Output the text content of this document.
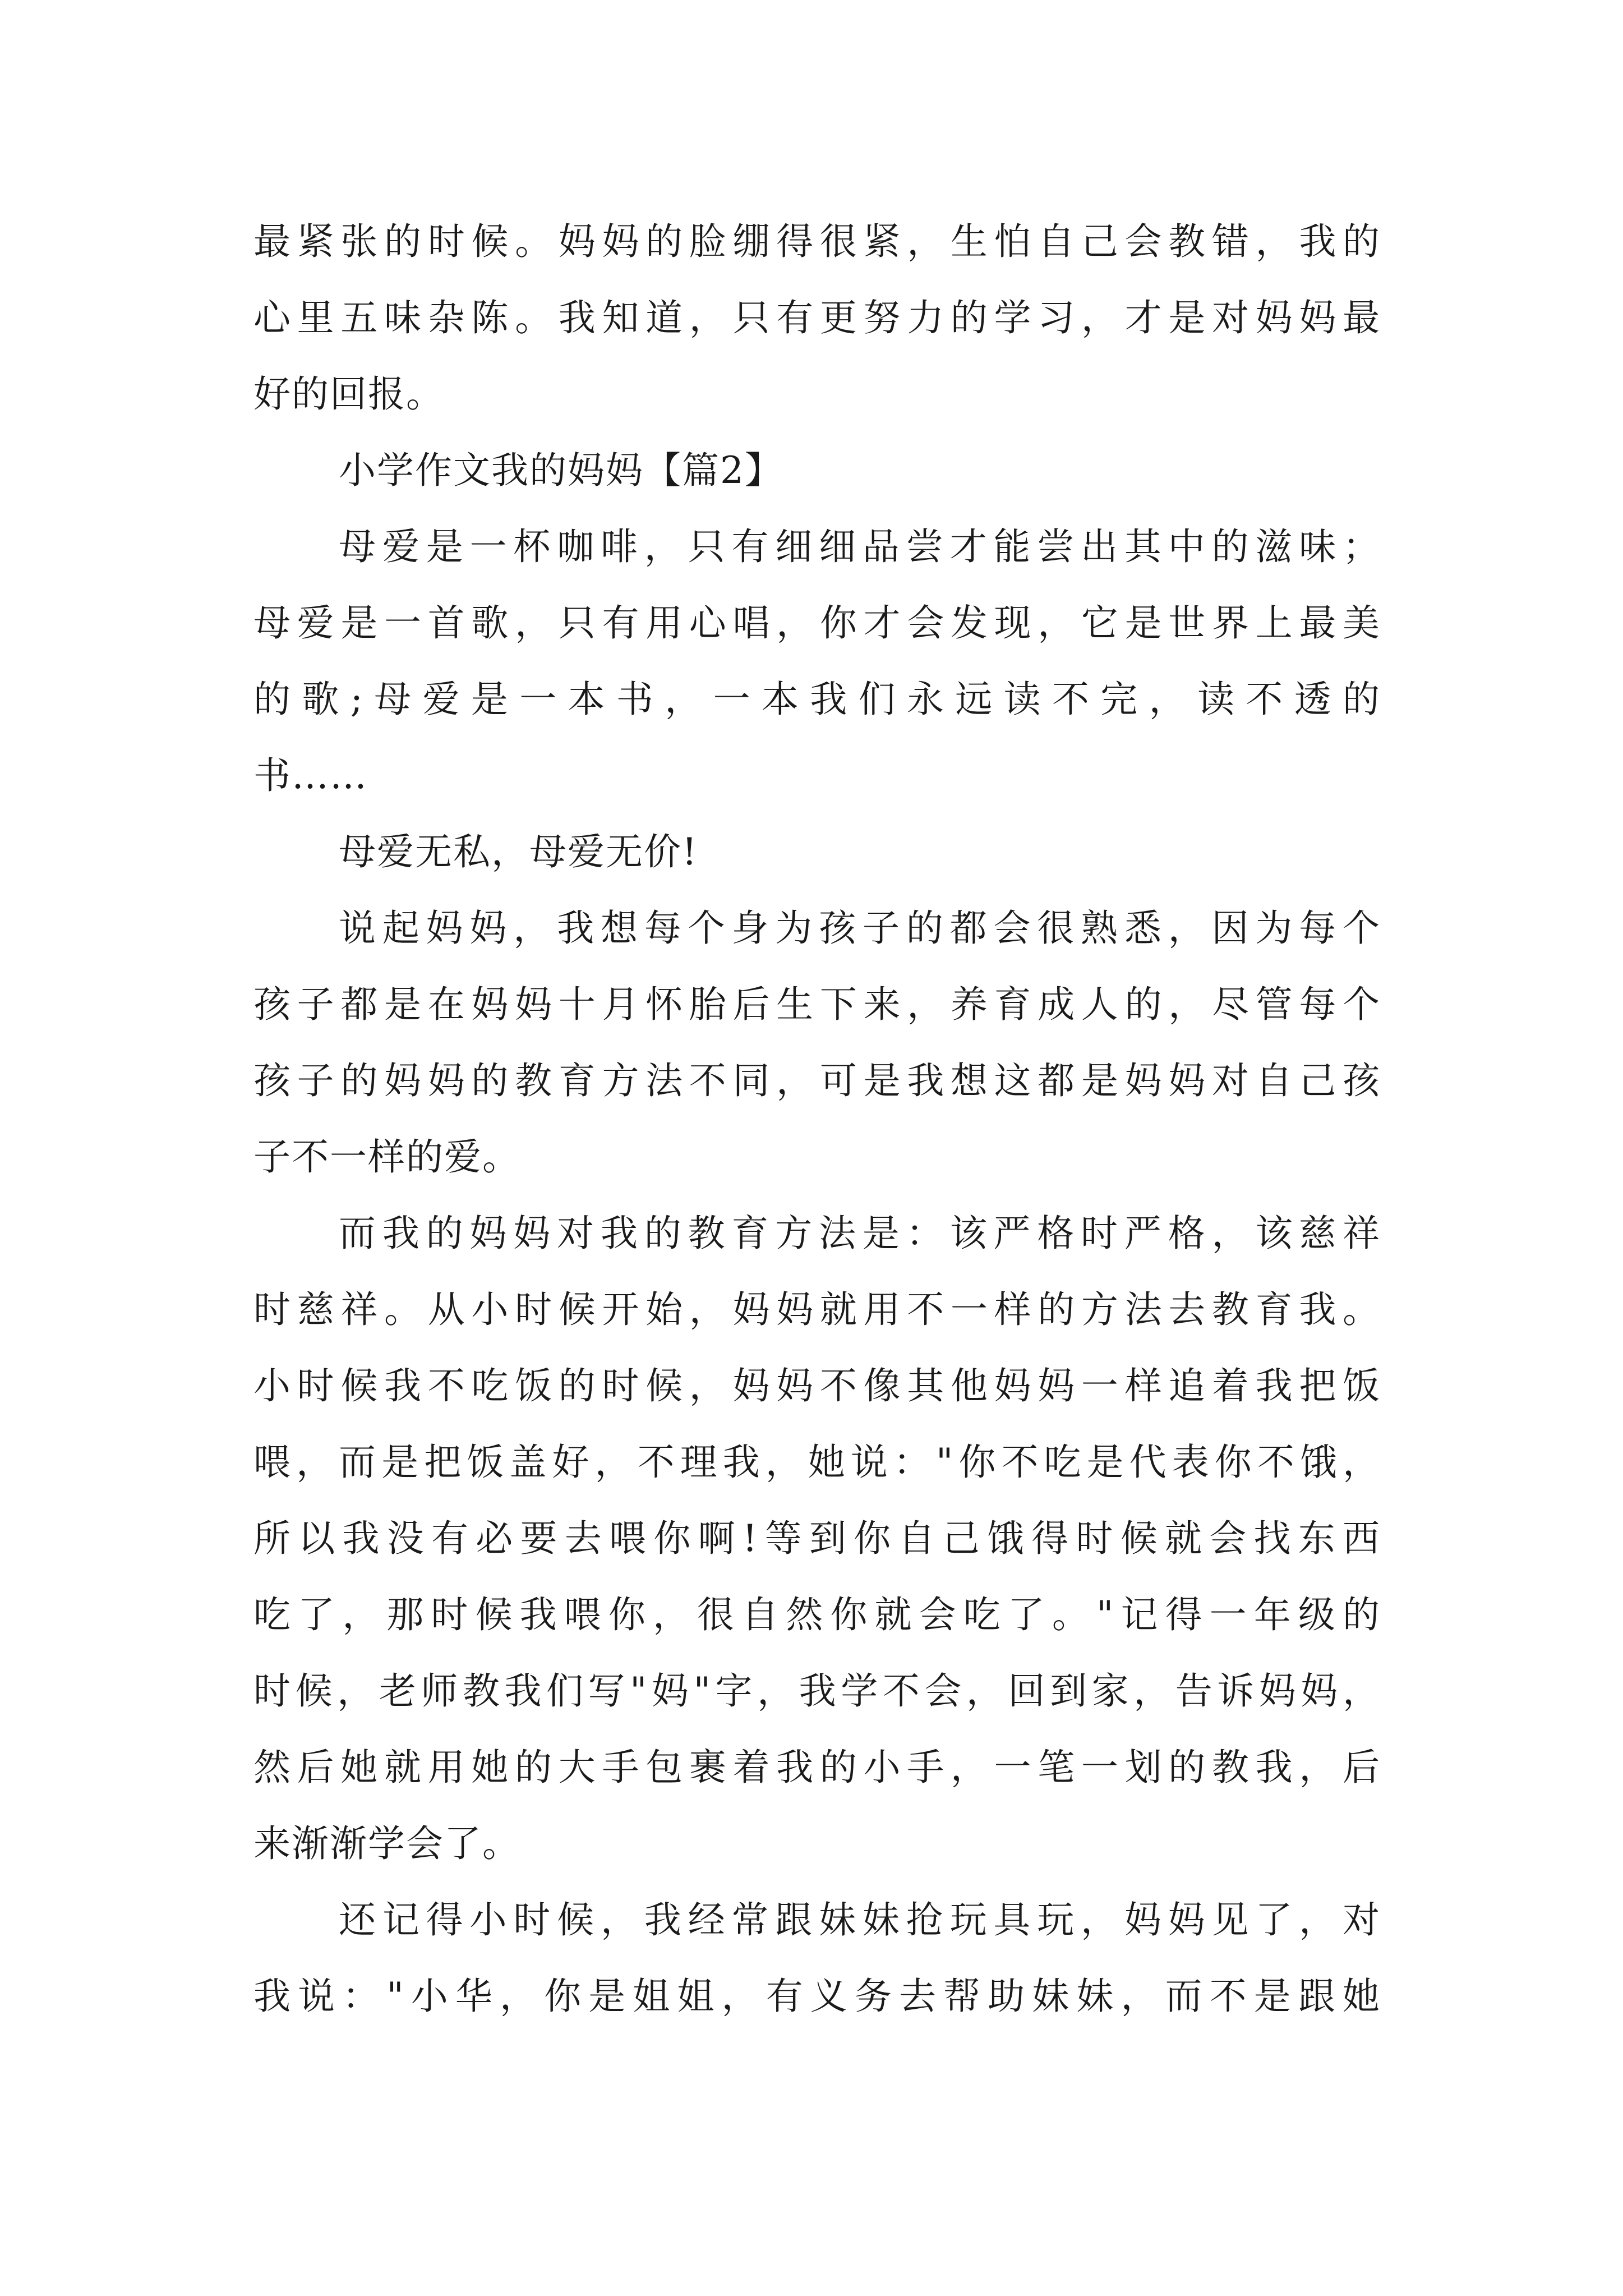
最紧张的时候。妈妈的脸绷得很紧，生怕自己会教错，我的
心里五味杂陈。我知道，只有更努力的学习，才是对妈妈最
好的回报。
小学作文我的妈妈【篇2】
母爱是一杯咖啡，只有细细品尝才能尝出其中的滋味；
母爱是一首歌，只有用心唱，你才会发现，它是世界上最美
的歌;母爱是一本书，一本我们永远读不完，读不透的
书……
母爱无私，母爱无价!
说起妈妈，我想每个身为孩子的都会很熟悉，因为每个
孩子都是在妈妈十月怀胎后生下来，养育成人的，尽管每个
孩子的妈妈的教育方法不同，可是我想这都是妈妈对自己孩
子不一样的爱。
而我的妈妈对我的教育方法是：该严格时严格，该慈祥
时慈祥。从小时候开始，妈妈就用不一样的方法去教育我。
小时候我不吃饭的时候，妈妈不像其他妈妈一样追着我把饭
喂，而是把饭盖好，不理我，她说："你不吃是代表你不饿，
所以我没有必要去喂你啊!等到你自己饿得时候就会找东西
吃了，那时候我喂你，很自然你就会吃了。"记得一年级的
时候，老师教我们写"妈"字，我学不会，回到家，告诉妈妈，
然后她就用她的大手包裹着我的小手，一笔一划的教我，后
来渐渐学会了。
还记得小时候，我经常跟妹妹抢玩具玩，妈妈见了，对
我说："小华，你是姐姐，有义务去帮助妹妹，而不是跟她
